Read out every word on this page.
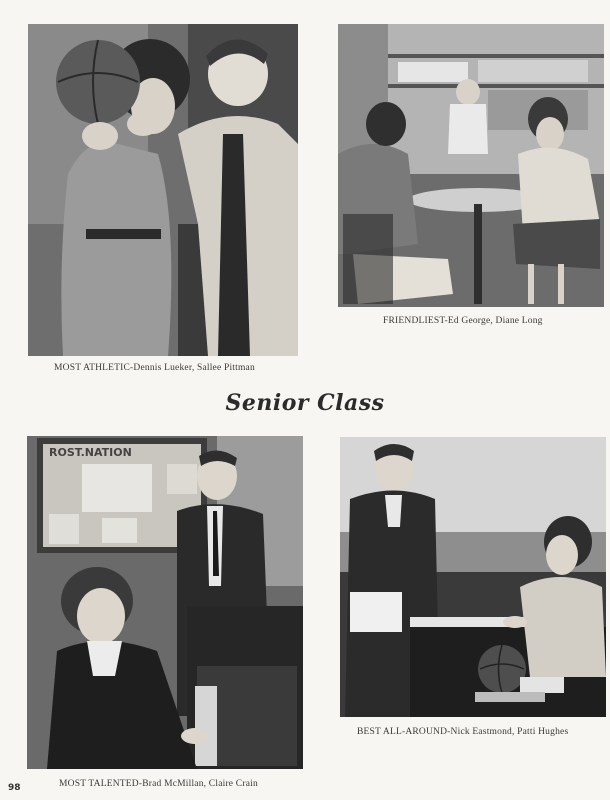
MOST ATHLETIC-Dennis Lueker, Sallee Pittman
FRIENDLIEST-Ed George, Diane Long
Senior Class
ROST.NATION
MOST TALENTED-Brad McMillan, Claire Crain
BEST ALL-AROUND-Nick Eastmond, Patti Hughes
98
